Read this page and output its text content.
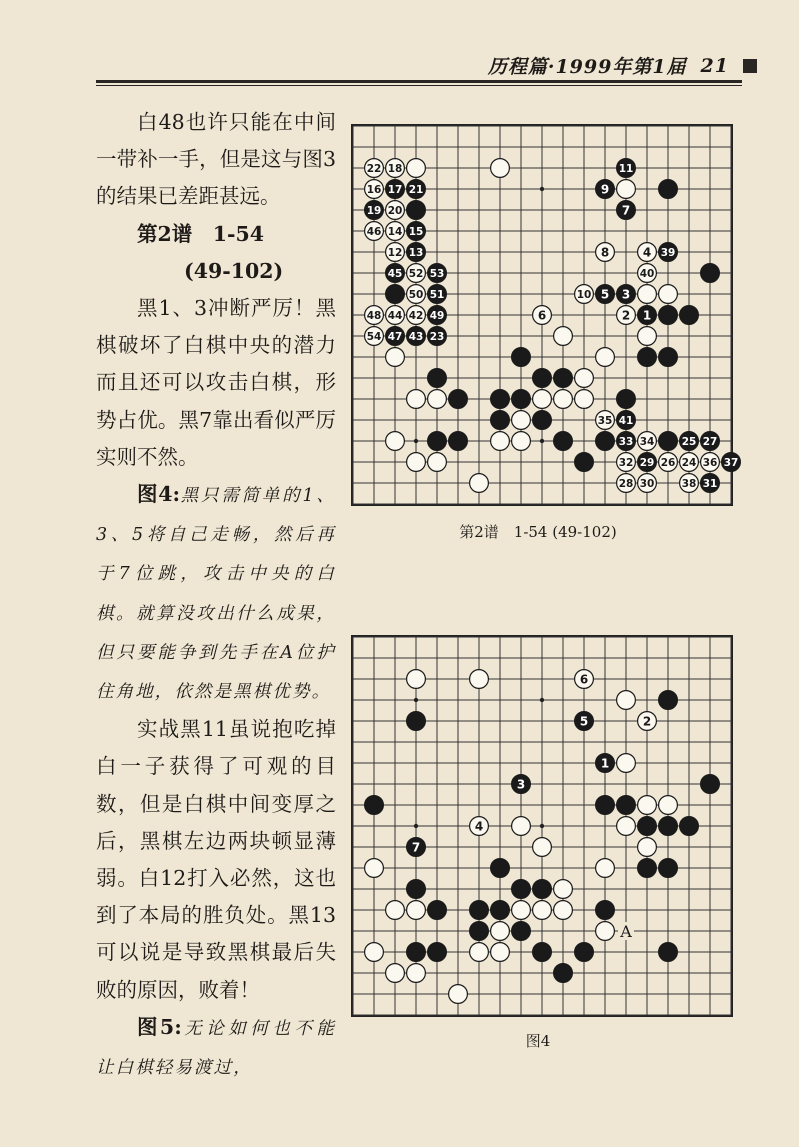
历程篇·1999年第1届 21

白48也许只能在中间一带补一手，但是这与图3的结果已差距甚远。

第2谱　1-54

(49-102)

黑1、3冲断严厉！黑棋破坏了白棋中央的潜力而且还可以攻击白棋，形势占优。黑7靠出看似严厉实则不然。

图4:黑只需简单的1、3、5将自己走畅，然后再于7位跳，攻击中央的白棋。就算没攻出什么成果，但只要能争到先手在A位护住角地，依然是黑棋优势。

实战黑11虽说抱吃掉白一子获得了可观的目数，但是白棋中间变厚之后，黑棋左边两块顿显薄弱。白12打入必然，这也到了本局的胜负处。黑13可以说是导致黑棋最后失败的原因，败着！

图5:无论如何也不能让白棋轻易渡过，

22 18	11
16 17 21	9
19 20	7
46 14 15
12 13	8	4 39
45 52 53	40
50 51	10 5 3
48 44 42 49	6	2 1
54 47 43 23
35 41
33 34	25 27
32 29 26 24 36 37
28 30	38 31
第2谱　1-54 (49-102)
6
5	2
1
3
4
7
A
图4
